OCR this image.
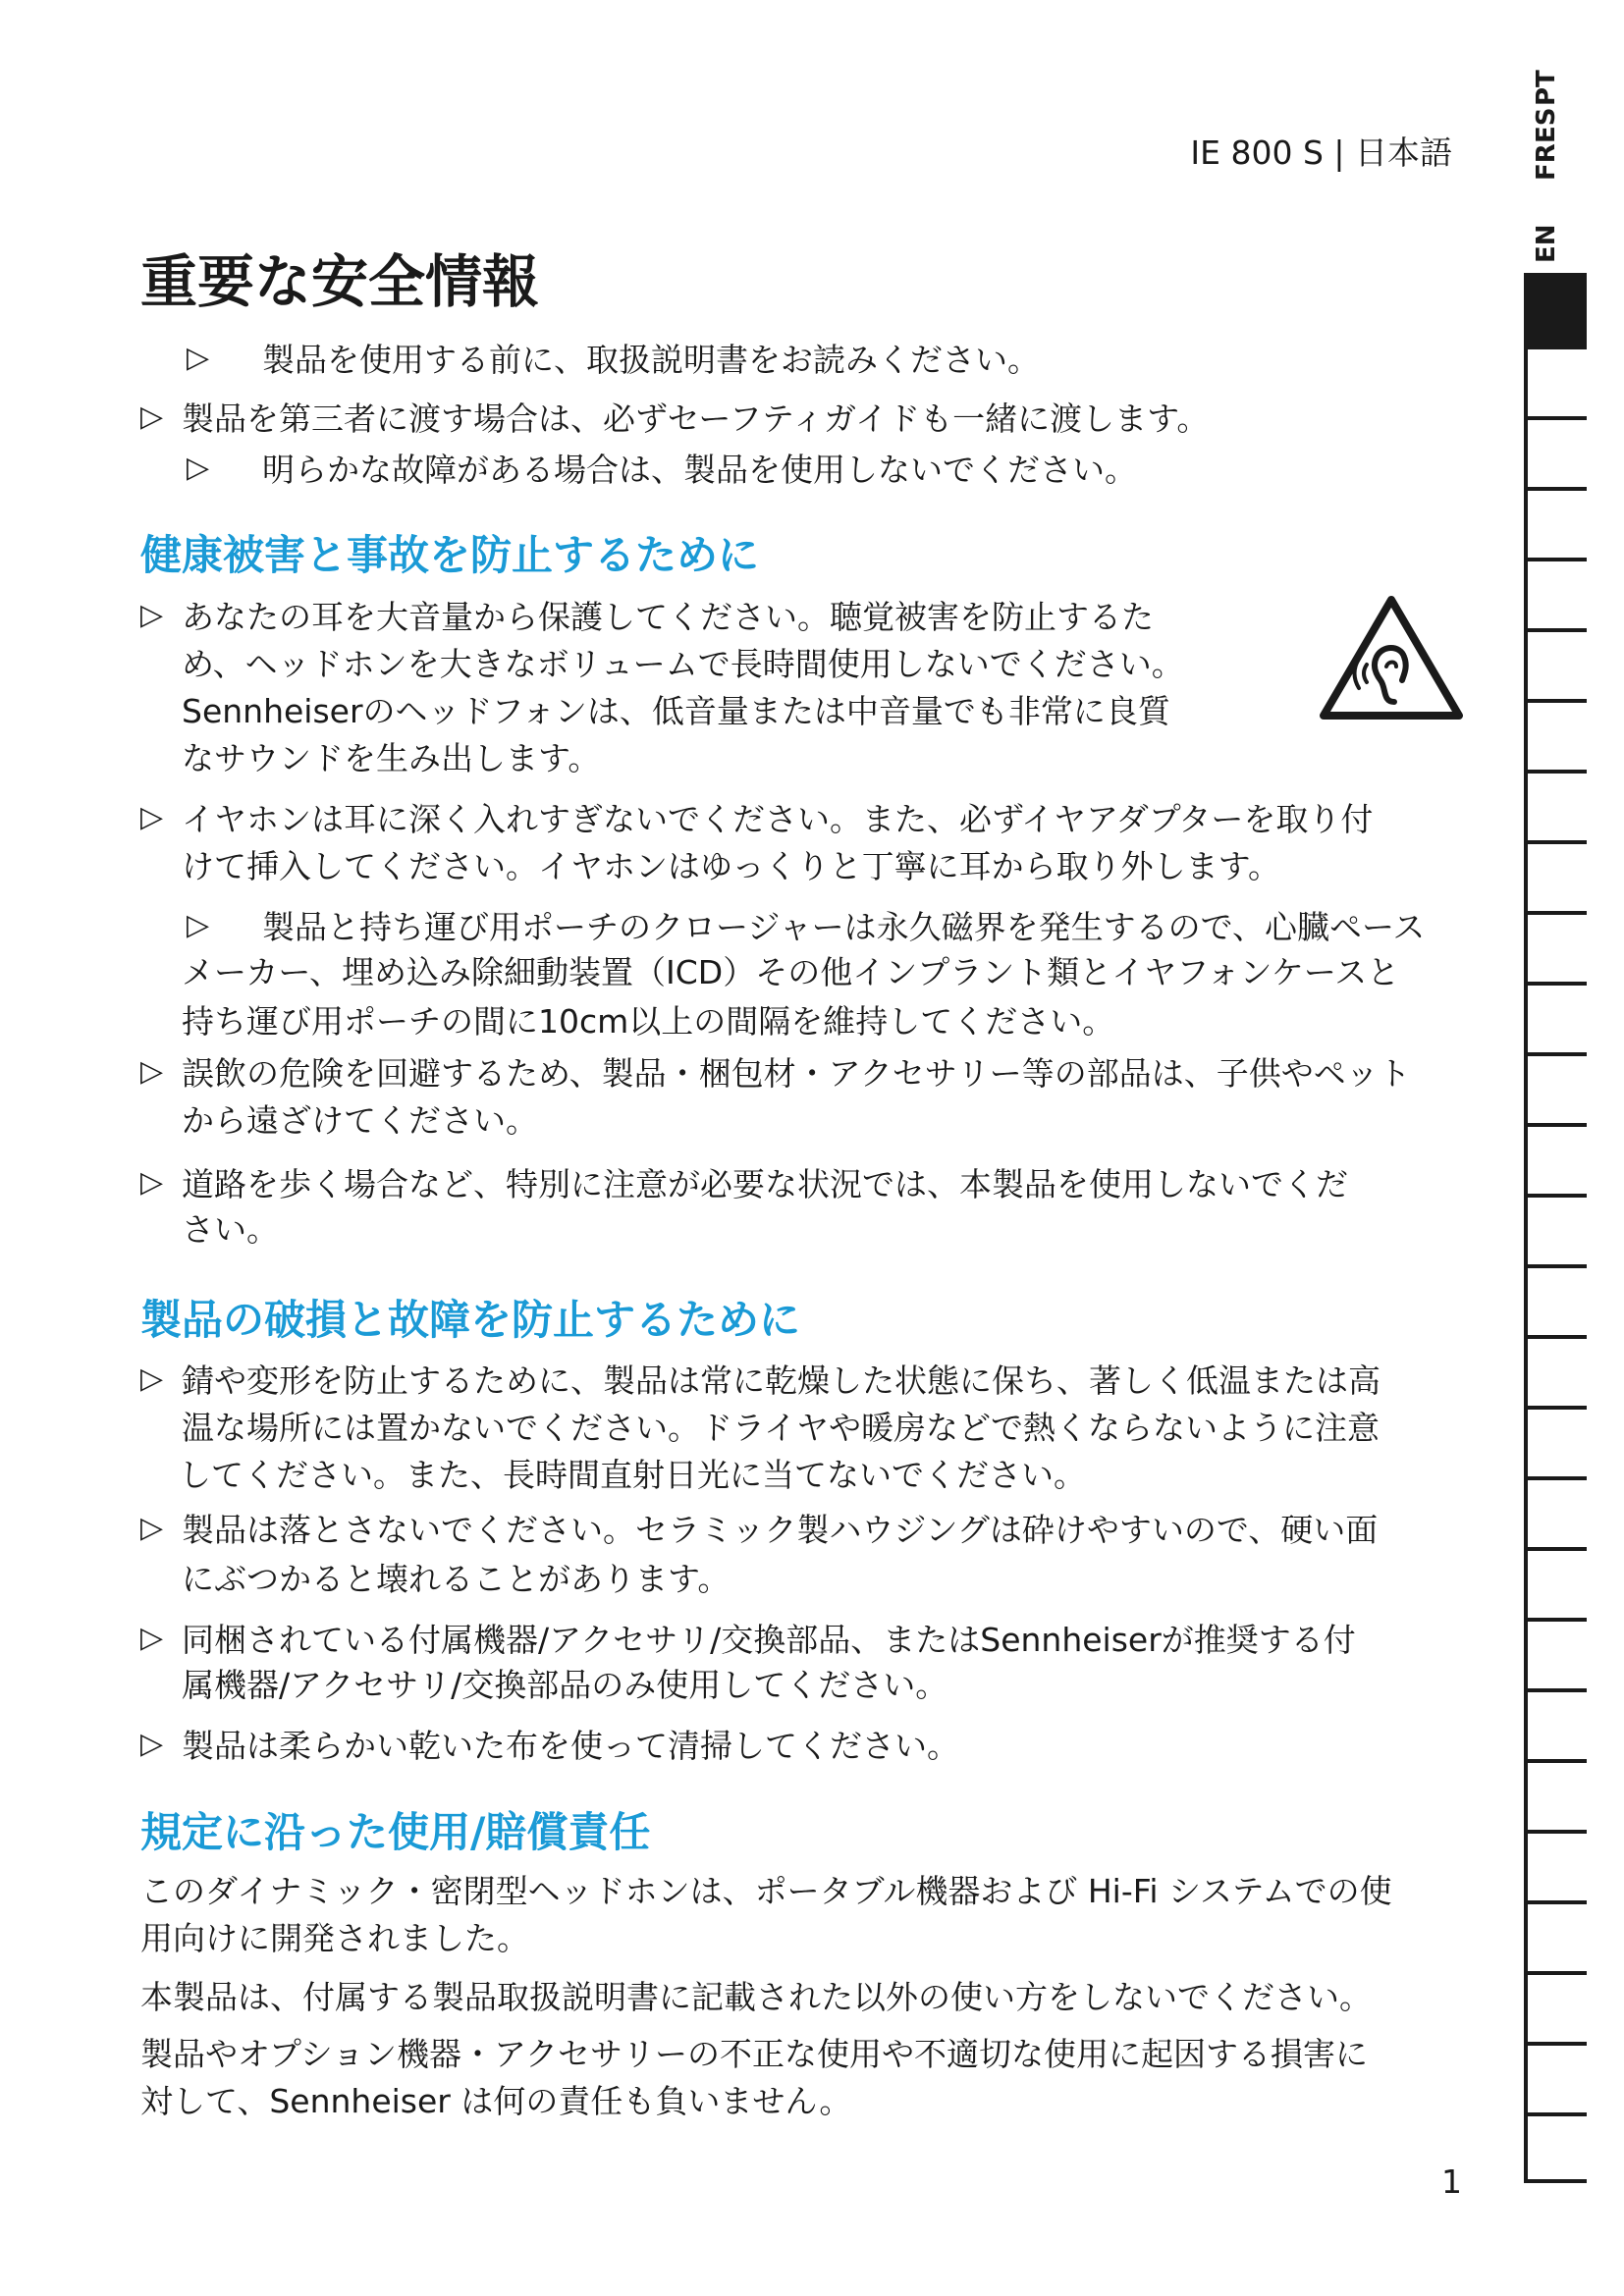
IE 800 S | 日本語
重要な安全情報
▷ 製品を使用する前に、取扱説明書をお読みください。
▷ 製品を第三者に渡す場合は、必ずセーフティガイドも一緒に渡します。
▷ 明らかな故障がある場合は、製品を使用しないでください。
健康被害と事故を防止するために
▷ あなたの耳を大音量から保護してください。聴覚被害を防止するた
め、ヘッドホンを大きなボリュームで長時間使用しないでください。
Sennheiserのヘッドフォンは、低音量または中音量でも非常に良質
なサウンドを生み出します。
▷ イヤホンは耳に深く入れすぎないでください。また、必ずイヤアダプターを取り付
けて挿入してください。イヤホンはゆっくりと丁寧に耳から取り外します。
▷ 製品と持ち運び用ポーチのクロージャーは永久磁界を発生するので、心臓ペース
メーカー、埋め込み除細動装置（ICD）その他インプラント類とイヤフォンケースと
持ち運び用ポーチの間に10cm以上の間隔を維持してください。
▷ 誤飲の危険を回避するため、製品・梱包材・アクセサリー等の部品は、子供やペット
から遠ざけてください。
▷ 道路を歩く場合など、特別に注意が必要な状況では、本製品を使用しないでくだ
さい。
製品の破損と故障を防止するために
▷ 錆や変形を防止するために、製品は常に乾燥した状態に保ち、著しく低温または高
温な場所には置かないでください。ドライヤや暖房などで熱くならないように注意
してください。また、長時間直射日光に当てないでください。
▷ 製品は落とさないでください。セラミック製ハウジングは砕けやすいので、硬い面
にぶつかると壊れることがあります。
▷ 同梱されている付属機器/アクセサリ/交換部品、またはSennheiserが推奨する付
属機器/アクセサリ/交換部品のみ使用してください。
▷ 製品は柔らかい乾いた布を使って清掃してください。
規定に沿った使用/賠償責任
このダイナミック・密閉型ヘッドホンは、ポータブル機器および Hi-Fi システムでの使
用向けに開発されました。
本製品は、付属する製品取扱説明書に記載された以外の使い方をしないでください。
製品やオプション機器・アクセサリーの不正な使用や不適切な使用に起因する損害に
対して、Sennheiser は何の責任も負いません。
1
FR
ES
PT
EN
